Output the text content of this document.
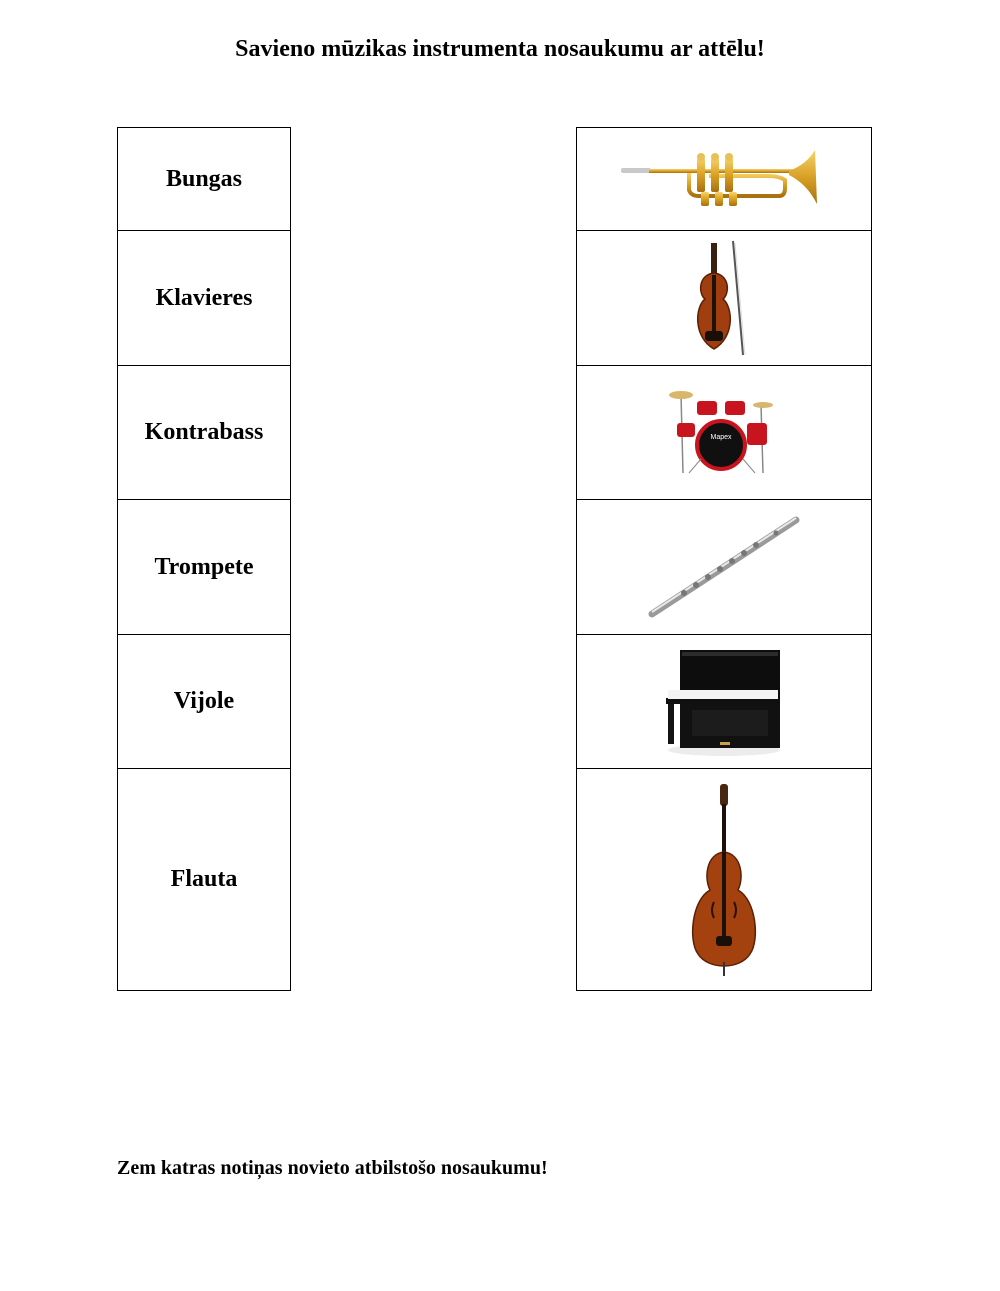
Savieno mūzikas instrumenta nosaukumu ar attēlu!
Bungas
Klavieres
Kontrabass
Trompete
Vijole
Flauta

Mapex

Zem katras notiņas novieto atbilstošo nosaukumu!
